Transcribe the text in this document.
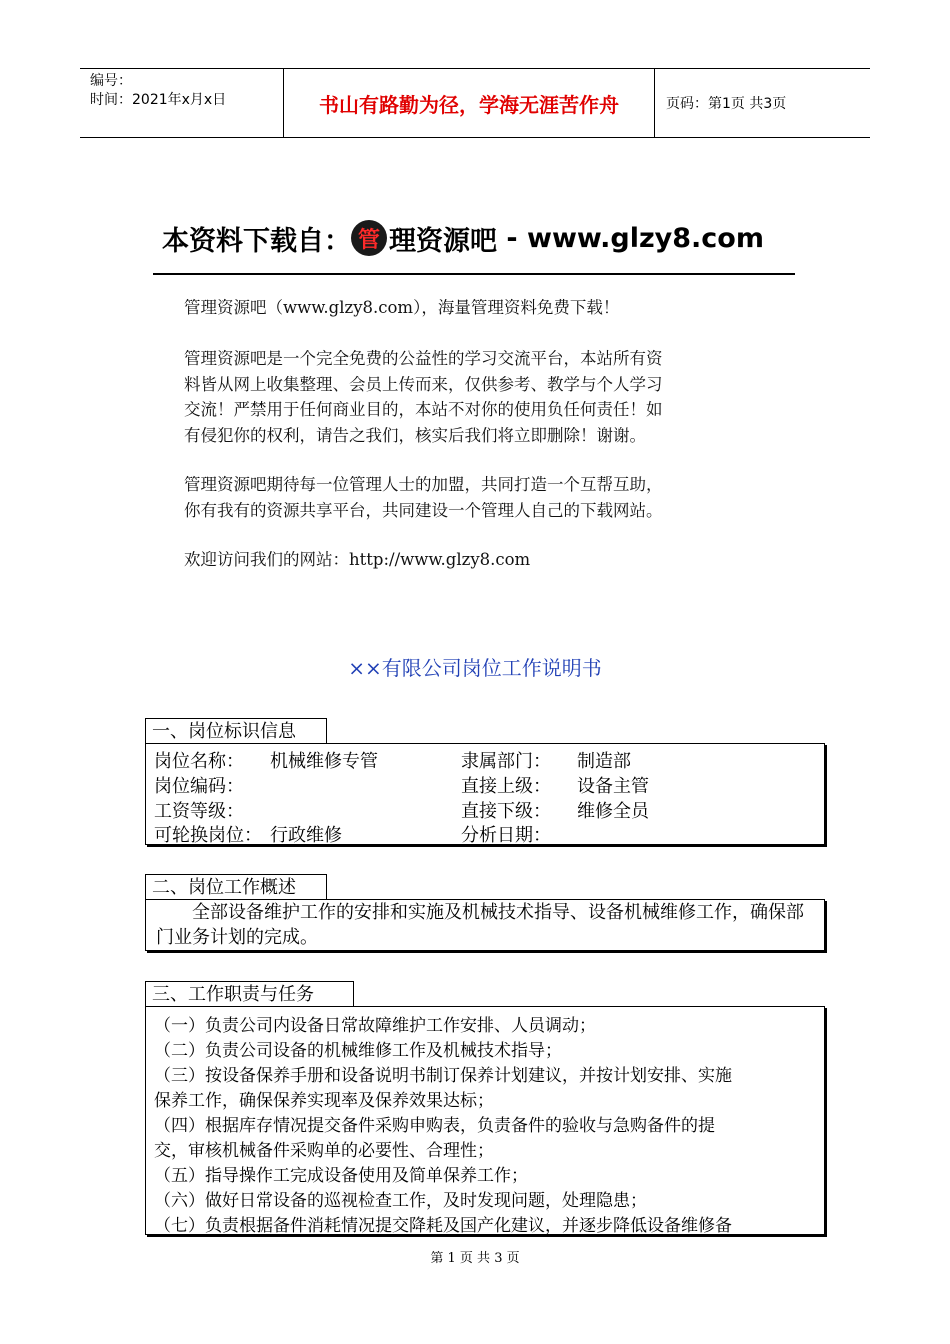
编号：
时间：2021年x月x日	书山有路勤为径，学海无涯苦作舟	页码：第1页 共3页
本资料下载自： 管 理资源吧 - www.glzy8.com
管理资源吧（www.glzy8.com），海量管理资料免费下载！
管理资源吧是一个完全免费的公益性的学习交流平台，本站所有资
料皆从网上收集整理、会员上传而来，仅供参考、教学与个人学习
交流！严禁用于任何商业目的，本站不对你的使用负任何责任！如
有侵犯你的权利，请告之我们，核实后我们将立即删除！谢谢。
管理资源吧期待每一位管理人士的加盟，共同打造一个互帮互助，
你有我有的资源共享平台，共同建设一个管理人自己的下载网站。
欢迎访问我们的网站：http://www.glzy8.com
××有限公司岗位工作说明书
一、岗位标识信息
岗位名称： 机械维修专管	隶属部门： 制造部
岗位编码：	直接上级： 设备主管
工资等级：	直接下级： 维修全员
可轮换岗位： 行政维修	分析日期：
二、岗位工作概述
全部设备维护工作的安排和实施及机械技术指导、设备机械维修工作，确保部门业务计划的完成。
三、工作职责与任务
（一）负责公司内设备日常故障维护工作安排、人员调动；
（二）负责公司设备的机械维修工作及机械技术指导；
（三）按设备保养手册和设备说明书制订保养计划建议，并按计划安排、实施
保养工作，确保保养实现率及保养效果达标；
（四）根据库存情况提交备件采购申购表，负责备件的验收与急购备件的提
交，审核机械备件采购单的必要性、合理性；
（五）指导操作工完成设备使用及简单保养工作；
（六）做好日常设备的巡视检查工作，及时发现问题，处理隐患；
（七）负责根据备件消耗情况提交降耗及国产化建议，并逐步降低设备维修备
第 1 页 共 3 页
